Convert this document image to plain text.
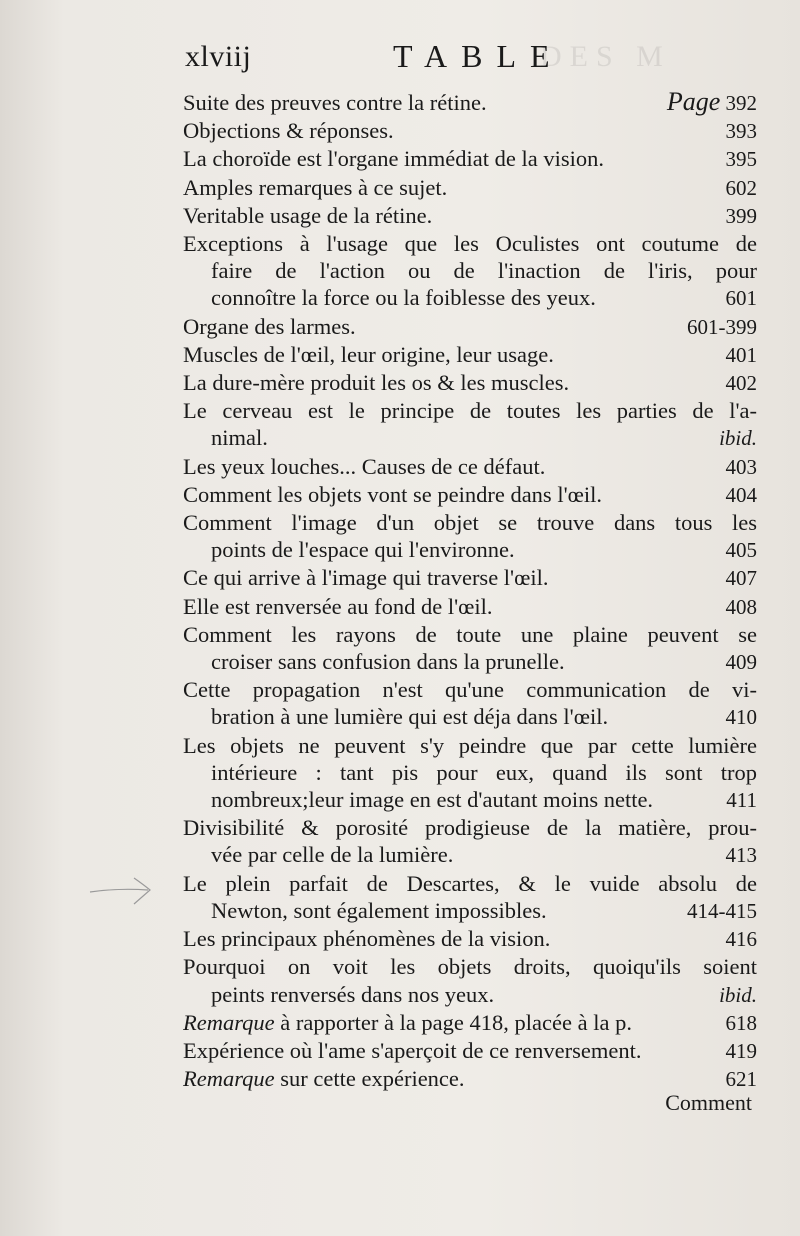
DES M
xlviij	TABLE
Suite des preuves contre la rétine.	Page 392
Objections & réponses.	393
La choroïde est l'organe immédiat de la vision.	395
Amples remarques à ce sujet.	602
Veritable usage de la rétine.	399
Exceptions à l'usage que les Oculistes ont coutume de
faire de l'action ou de l'inaction de l'iris, pour
connoître la force ou la foiblesse des yeux.	601
Organe des larmes.	601-399
Muscles de l'œil, leur origine, leur usage.	401
La dure-mère produit les os & les muscles.	402
Le cerveau est le principe de toutes les parties de l'a-
nimal.	ibid.
Les yeux louches... Causes de ce défaut.	403
Comment les objets vont se peindre dans l'œil.	404
Comment l'image d'un objet se trouve dans tous les
points de l'espace qui l'environne.	405
Ce qui arrive à l'image qui traverse l'œil.	407
Elle est renversée au fond de l'œil.	408
Comment les rayons de toute une plaine peuvent se
croiser sans confusion dans la prunelle.	409
Cette propagation n'est qu'une communication de vi-
bration à une lumière qui est déja dans l'œil.	410
Les objets ne peuvent s'y peindre que par cette lumière
intérieure : tant pis pour eux, quand ils sont trop
nombreux;leur image en est d'autant moins nette.	411
Divisibilité & porosité prodigieuse de la matière, prou-
vée par celle de la lumière.	413
Le plein parfait de Descartes, & le vuide absolu de
Newton, sont également impossibles.	414-415
Les principaux phénomènes de la vision.	416
Pourquoi on voit les objets droits, quoiqu'ils soient
peints renversés dans nos yeux.	ibid.
Remarque à rapporter à la page 418, placée à la p.	618
Expérience où l'ame s'aperçoit de ce renversement.	419
Remarque sur cette expérience.	621
Comment
